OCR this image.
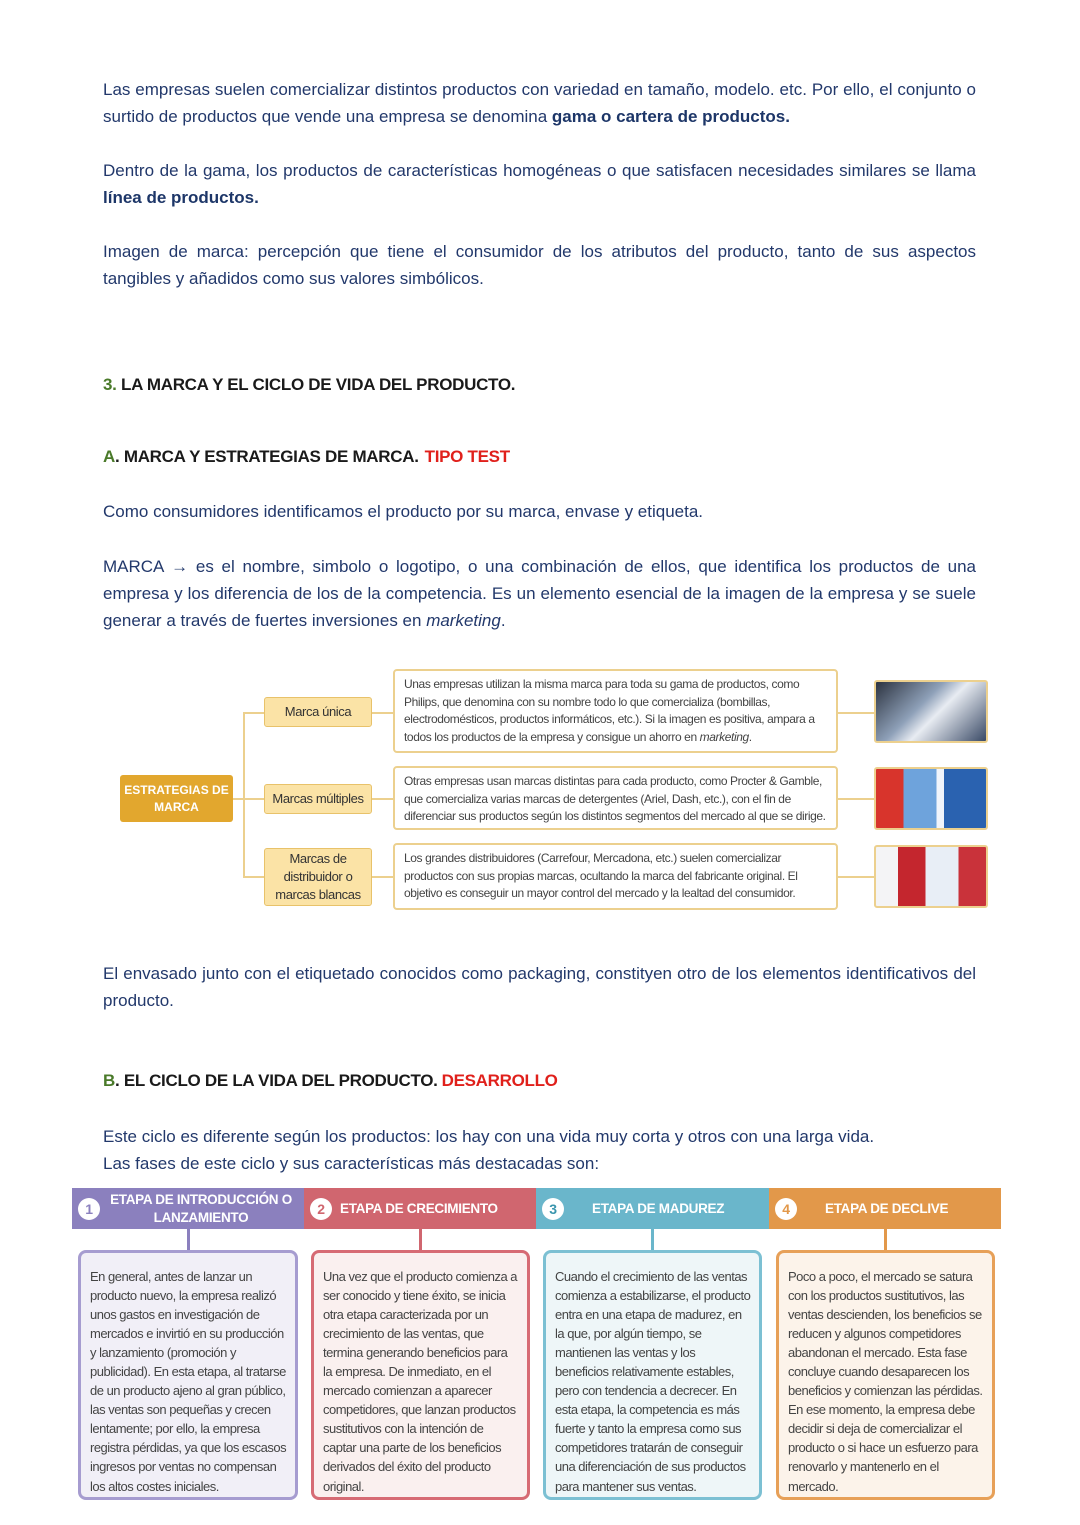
Las empresas suelen comercializar distintos productos con variedad en tamaño, modelo. etc. Por ello, el conjunto o surtido de productos que vende una empresa se denomina gama o cartera de productos.

Dentro de la gama, los productos de características homogéneas o que satisfacen necesidades similares se llama línea de productos.

Imagen de marca: percepción que tiene el consumidor de los atributos del producto, tanto de sus aspectos tangibles y añadidos como sus valores simbólicos.

3. LA MARCA Y EL CICLO DE VIDA DEL PRODUCTO.
A. MARCA Y ESTRATEGIAS DE MARCA. TIPO TEST

Como consumidores identificamos el producto por su marca, envase y etiqueta.

MARCA → es el nombre, simbolo o logotipo, o una combinación de ellos, que identifica los productos de una empresa y los diferencia de los de la competencia. Es un elemento esencial de la imagen de la empresa y se suele generar a través de fuertes inversiones en marketing.

ESTRATEGIAS DE MARCA
Marca única
Marcas múltiples
Marcas de distribuidor o marcas blancas
Unas empresas utilizan la misma marca para toda su gama de productos, como Philips, que denomina con su nombre todo lo que comercializa (bombillas, electrodomésticos, productos informáticos, etc.). Si la imagen es positiva, ampara a todos los productos de la empresa y consigue un ahorro en marketing.
Otras empresas usan marcas distintas para cada producto, como Procter & Gamble, que comercializa varias marcas de detergentes (Ariel, Dash, etc.), con el fin de diferenciar sus productos según los distintos segmentos del mercado al que se dirige.
Los grandes distribuidores (Carrefour, Mercadona, etc.) suelen comercializar productos con sus propias marcas, ocultando la marca del fabricante original. El objetivo es conseguir un mayor control del mercado y la lealtad del consumidor.

El envasado junto con el etiquetado conocidos como packaging, constityen otro de los elementos identificativos del producto.

B. EL CICLO DE LA VIDA DEL PRODUCTO. DESARROLLO

Este ciclo es diferente según los productos: los hay con una vida muy corta y otros con una larga vida.

Las fases de este ciclo y sus características más destacadas son:

1
ETAPA DE INTRODUCCIÓN O LANZAMIENTO
2	ETAPA DE CRECIMIENTO	3	ETAPA DE MADUREZ	4	ETAPA DE DECLIVE
En general, antes de lanzar un producto nuevo, la empresa realizó unos gastos en investigación de mercados e invirtió en su producción y lanzamiento (promoción y publicidad). En esta etapa, al tratarse de un producto ajeno al gran público, las ventas son pequeñas y crecen lentamente; por ello, la empresa registra pérdidas, ya que los escasos ingresos por ventas no compensan los altos costes iniciales.
Una vez que el producto comienza a ser conocido y tiene éxito, se inicia otra etapa caracterizada por un crecimiento de las ventas, que termina generando beneficios para la empresa. De inmediato, en el mercado comienzan a aparecer competidores, que lanzan productos sustitutivos con la intención de captar una parte de los beneficios derivados del éxito del producto original.
Cuando el crecimiento de las ventas comienza a estabilizarse, el producto entra en una etapa de madurez, en la que, por algún tiempo, se mantienen las ventas y los beneficios relativamente estables, pero con tendencia a decrecer. En esta etapa, la competencia es más fuerte y tanto la empresa como sus competidores tratarán de conseguir una diferenciación de sus productos para mantener sus ventas.
Poco a poco, el mercado se satura con los productos sustitutivos, las ventas descienden, los beneficios se reducen y algunos competidores abandonan el mercado. Esta fase concluye cuando desaparecen los beneficios y comienzan las pérdidas. En ese momento, la empresa debe decidir si deja de comercializar el producto o si hace un esfuerzo para renovarlo y mantenerlo en el mercado.
